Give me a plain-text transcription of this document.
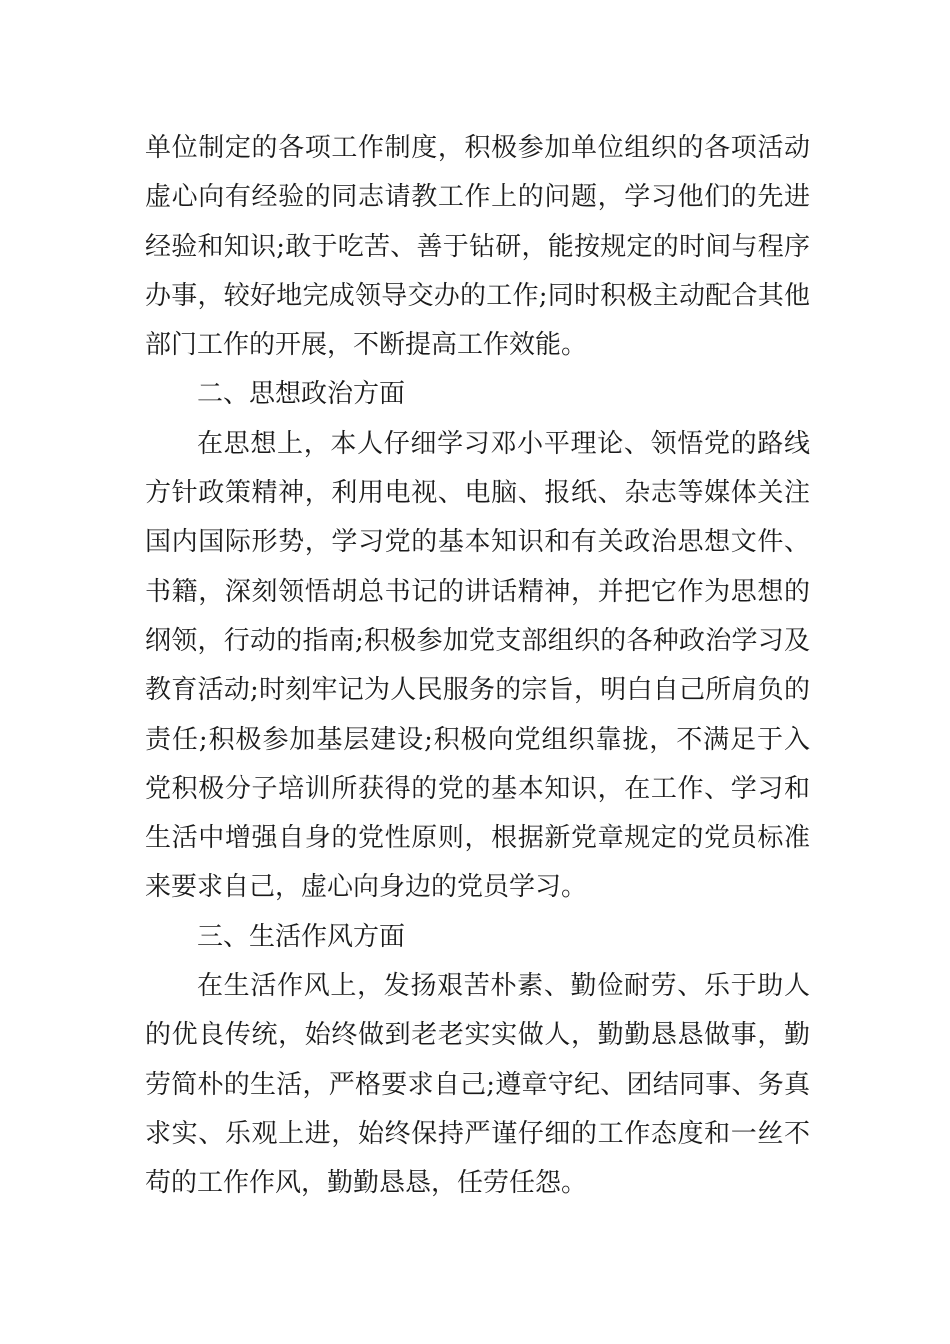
单位制定的各项工作制度，积极参加单位组织的各项活动
虚心向有经验的同志请教工作上的问题，学习他们的先进
经验和知识;敢于吃苦、善于钻研，能按规定的时间与程序
办事，较好地完成领导交办的工作;同时积极主动配合其他
部门工作的开展，不断提高工作效能。
二、思想政治方面
在思想上，本人仔细学习邓小平理论、领悟党的路线
方针政策精神，利用电视、电脑、报纸、杂志等媒体关注
国内国际形势，学习党的基本知识和有关政治思想文件、
书籍，深刻领悟胡总书记的讲话精神，并把它作为思想的
纲领，行动的指南;积极参加党支部组织的各种政治学习及
教育活动;时刻牢记为人民服务的宗旨，明白自己所肩负的
责任;积极参加基层建设;积极向党组织靠拢，不满足于入
党积极分子培训所获得的党的基本知识，在工作、学习和
生活中增强自身的党性原则，根据新党章规定的党员标准
来要求自己，虚心向身边的党员学习。
三、生活作风方面
在生活作风上，发扬艰苦朴素、勤俭耐劳、乐于助人
的优良传统，始终做到老老实实做人，勤勤恳恳做事，勤
劳简朴的生活，严格要求自己;遵章守纪、团结同事、务真
求实、乐观上进，始终保持严谨仔细的工作态度和一丝不
苟的工作作风，勤勤恳恳，任劳任怨。
